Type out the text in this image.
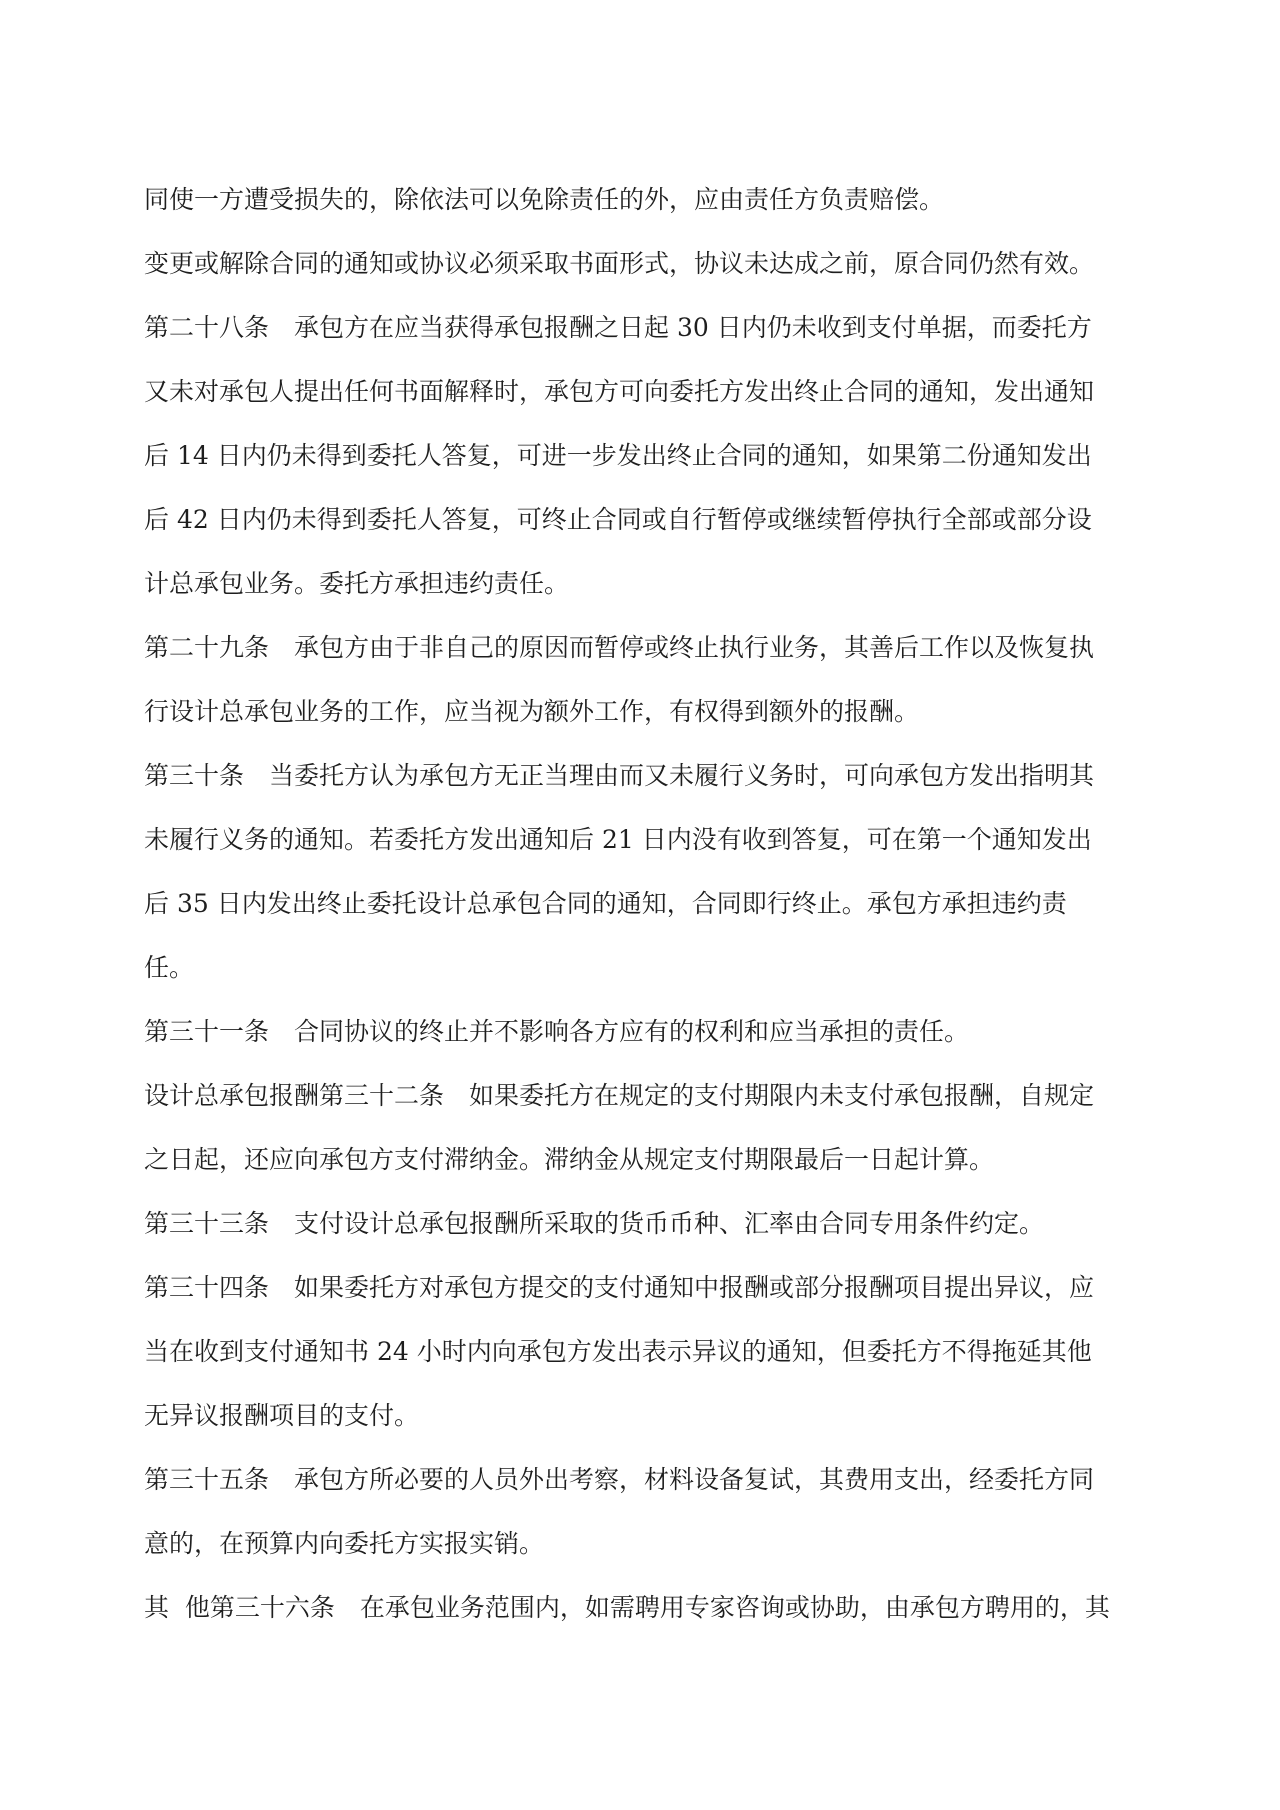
同使一方遭受损失的，除依法可以免除责任的外，应由责任方负责赔偿。
变更或解除合同的通知或协议必须采取书面形式，协议未达成之前，原合同仍然有效。
第二十八条　承包方在应当获得承包报酬之日起 30 日内仍未收到支付单据，而委托方
又未对承包人提出任何书面解释时，承包方可向委托方发出终止合同的通知，发出通知
后 14 日内仍未得到委托人答复，可进一步发出终止合同的通知，如果第二份通知发出
后 42 日内仍未得到委托人答复，可终止合同或自行暂停或继续暂停执行全部或部分设
计总承包业务。委托方承担违约责任。
第二十九条　承包方由于非自己的原因而暂停或终止执行业务，其善后工作以及恢复执
行设计总承包业务的工作，应当视为额外工作，有权得到额外的报酬。
第三十条　当委托方认为承包方无正当理由而又未履行义务时，可向承包方发出指明其
未履行义务的通知。若委托方发出通知后 21 日内没有收到答复，可在第一个通知发出
后 35 日内发出终止委托设计总承包合同的通知，合同即行终止。承包方承担违约责
任。
第三十一条　合同协议的终止并不影响各方应有的权利和应当承担的责任。
设计总承包报酬第三十二条　如果委托方在规定的支付期限内未支付承包报酬，自规定
之日起，还应向承包方支付滞纳金。滞纳金从规定支付期限最后一日起计算。
第三十三条　支付设计总承包报酬所采取的货币币种、汇率由合同专用条件约定。
第三十四条　如果委托方对承包方提交的支付通知中报酬或部分报酬项目提出异议，应
当在收到支付通知书 24 小时内向承包方发出表示异议的通知，但委托方不得拖延其他
无异议报酬项目的支付。
第三十五条　承包方所必要的人员外出考察，材料设备复试，其费用支出，经委托方同
意的，在预算内向委托方实报实销。
其  他第三十六条　在承包业务范围内，如需聘用专家咨询或协助，由承包方聘用的，其
